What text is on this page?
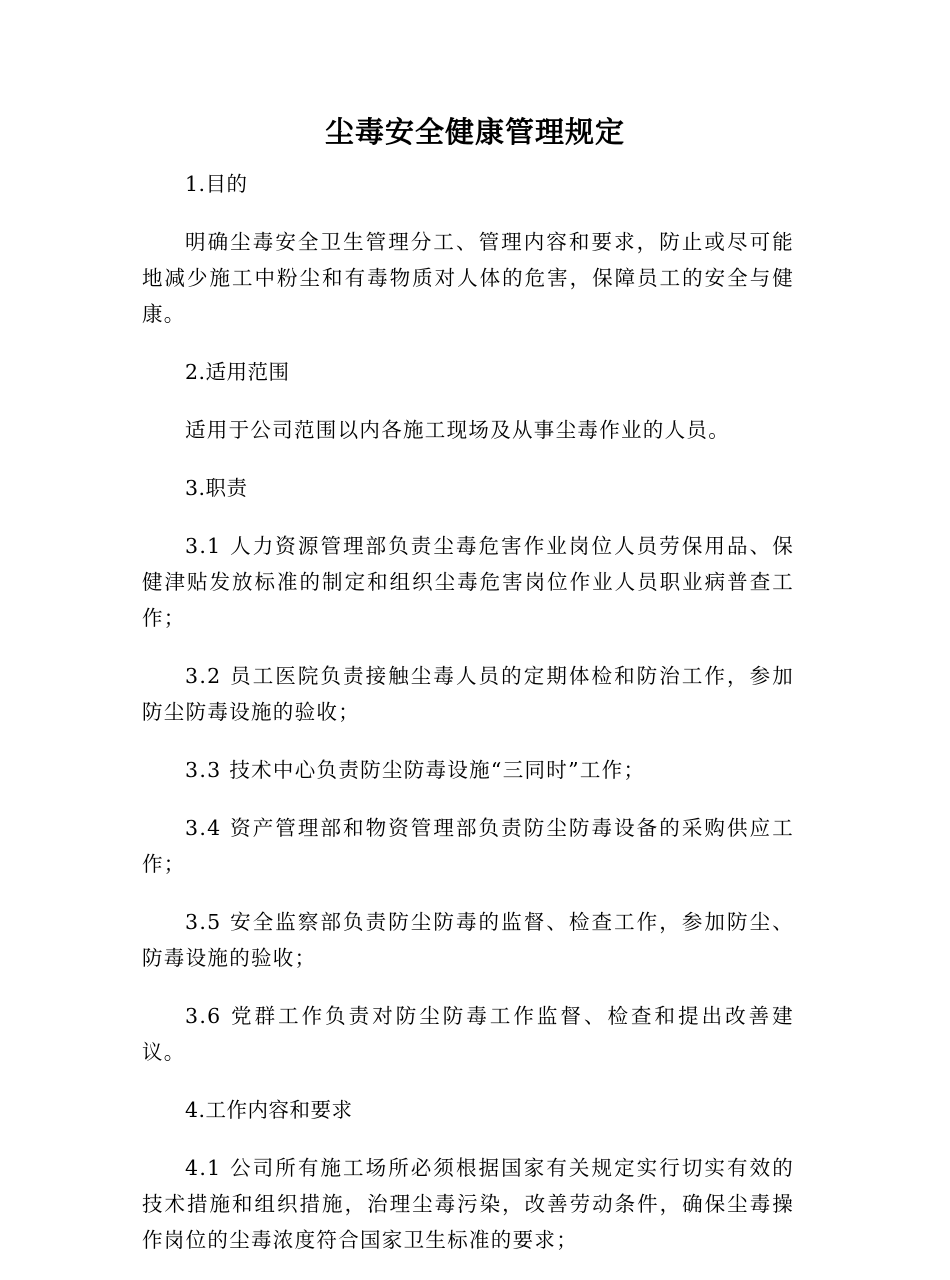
尘毒安全健康管理规定

1.目的

明确尘毒安全卫生管理分工、管理内容和要求，防止或尽可能地减少施工中粉尘和有毒物质对人体的危害，保障员工的安全与健康。

2.适用范围

适用于公司范围以内各施工现场及从事尘毒作业的人员。

3.职责

3.1 人力资源管理部负责尘毒危害作业岗位人员劳保用品、保健津贴发放标准的制定和组织尘毒危害岗位作业人员职业病普查工作；

3.2 员工医院负责接触尘毒人员的定期体检和防治工作，参加防尘防毒设施的验收；

3.3 技术中心负责防尘防毒设施“三同时”工作；

3.4 资产管理部和物资管理部负责防尘防毒设备的采购供应工作；

3.5 安全监察部负责防尘防毒的监督、检查工作，参加防尘、防毒设施的验收；

3.6 党群工作负责对防尘防毒工作监督、检查和提出改善建议。

4.工作内容和要求

4.1 公司所有施工场所必须根据国家有关规定实行切实有效的技术措施和组织措施，治理尘毒污染，改善劳动条件，确保尘毒操作岗位的尘毒浓度符合国家卫生标准的要求；
